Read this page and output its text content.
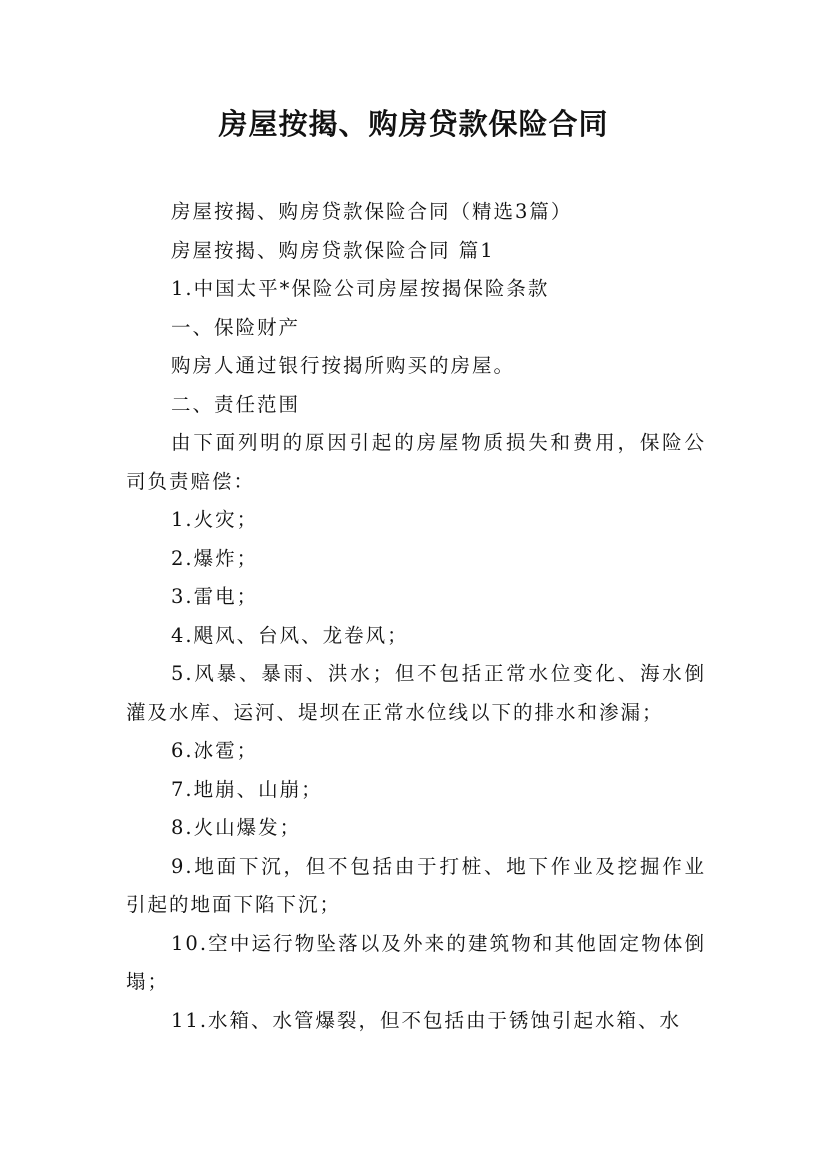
房屋按揭、购房贷款保险合同

房屋按揭、购房贷款保险合同（精选3篇）

房屋按揭、购房贷款保险合同 篇1

1.中国太平*保险公司房屋按揭保险条款

一、保险财产

购房人通过银行按揭所购买的房屋。

二、责任范围

由下面列明的原因引起的房屋物质损失和费用，保险公司负责赔偿：

1.火灾；

2.爆炸；

3.雷电；

4.飓风、台风、龙卷风；

5.风暴、暴雨、洪水；但不包括正常水位变化、海水倒灌及水库、运河、堤坝在正常水位线以下的排水和渗漏；

6.冰雹；

7.地崩、山崩；

8.火山爆发；

9.地面下沉，但不包括由于打桩、地下作业及挖掘作业引起的地面下陷下沉；

10.空中运行物坠落以及外来的建筑物和其他固定物体倒塌；

11.水箱、水管爆裂，但不包括由于锈蚀引起水箱、水
